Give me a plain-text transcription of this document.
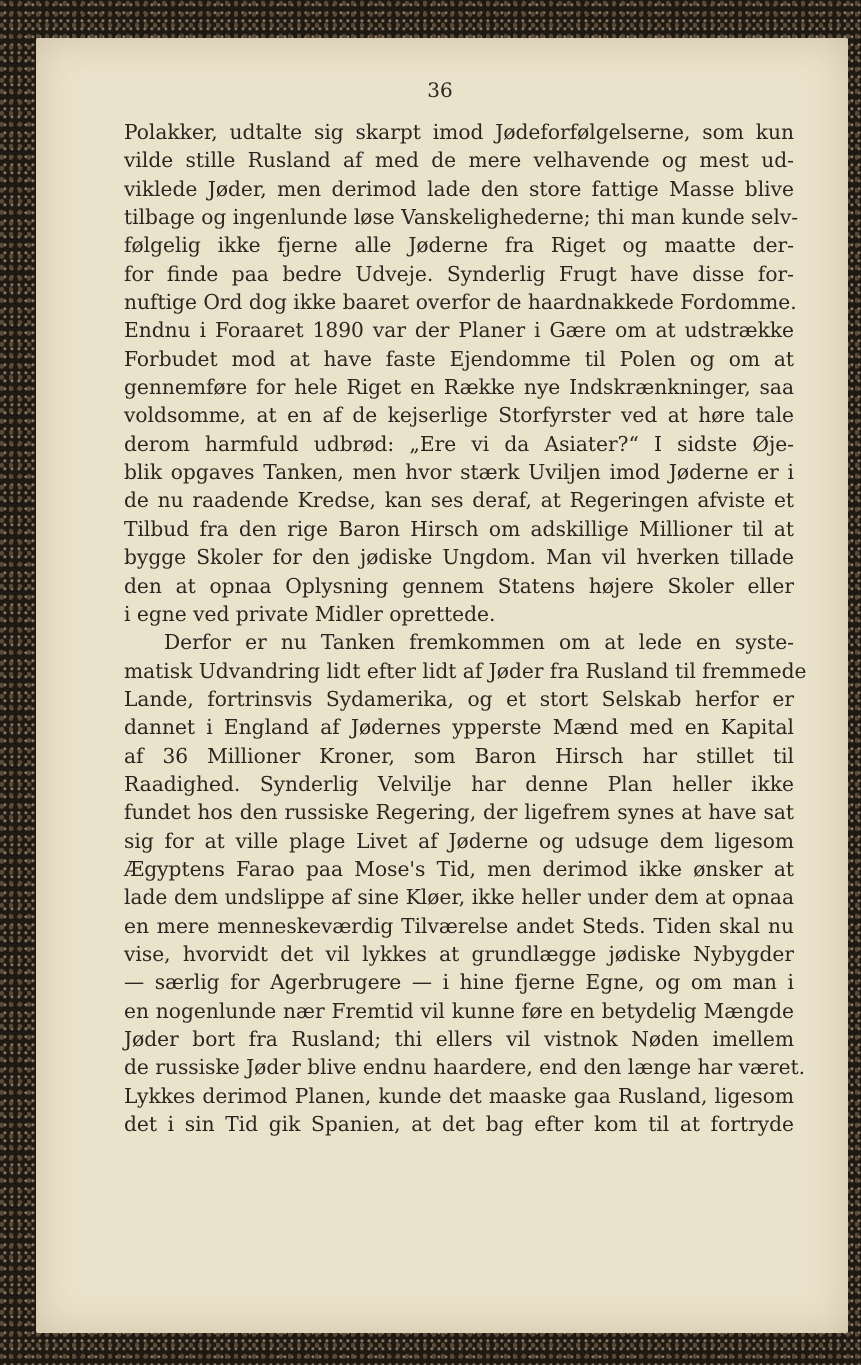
36
Polakker, udtalte sig skarpt imod Jødeforfølgelserne, som kun
vilde stille Rusland af med de mere velhavende og mest ud-
viklede Jøder, men derimod lade den store fattige Masse blive
tilbage og ingenlunde løse Vanskelighederne; thi man kunde selv-
følgelig ikke fjerne alle Jøderne fra Riget og maatte der-
for finde paa bedre Udveje. Synderlig Frugt have disse for-
nuftige Ord dog ikke baaret overfor de haardnakkede Fordomme.
Endnu i Foraaret 1890 var der Planer i Gære om at udstrække
Forbudet mod at have faste Ejendomme til Polen og om at
gennemføre for hele Riget en Række nye Indskrænkninger, saa
voldsomme, at en af de kejserlige Storfyrster ved at høre tale
derom harmfuld udbrød: „Ere vi da Asiater?“ I sidste Øje-
blik opgaves Tanken, men hvor stærk Uviljen imod Jøderne er i
de nu raadende Kredse, kan ses deraf, at Regeringen afviste et
Tilbud fra den rige Baron Hirsch om adskillige Millioner til at
bygge Skoler for den jødiske Ungdom. Man vil hverken tillade
den at opnaa Oplysning gennem Statens højere Skoler eller
i egne ved private Midler oprettede.
Derfor er nu Tanken fremkommen om at lede en syste-
matisk Udvandring lidt efter lidt af Jøder fra Rusland til fremmede
Lande, fortrinsvis Sydamerika, og et stort Selskab herfor er
dannet i England af Jødernes ypperste Mænd med en Kapital
af 36 Millioner Kroner, som Baron Hirsch har stillet til
Raadighed. Synderlig Velvilje har denne Plan heller ikke
fundet hos den russiske Regering, der ligefrem synes at have sat
sig for at ville plage Livet af Jøderne og udsuge dem ligesom
Ægyptens Farao paa Mose's Tid, men derimod ikke ønsker at
lade dem undslippe af sine Kløer, ikke heller under dem at opnaa
en mere menneskeværdig Tilværelse andet Steds. Tiden skal nu
vise, hvorvidt det vil lykkes at grundlægge jødiske Nybygder
— særlig for Agerbrugere — i hine fjerne Egne, og om man i
en nogenlunde nær Fremtid vil kunne føre en betydelig Mængde
Jøder bort fra Rusland; thi ellers vil vistnok Nøden imellem
de russiske Jøder blive endnu haardere, end den længe har været.
Lykkes derimod Planen, kunde det maaske gaa Rusland, ligesom
det i sin Tid gik Spanien, at det bag efter kom til at fortryde
